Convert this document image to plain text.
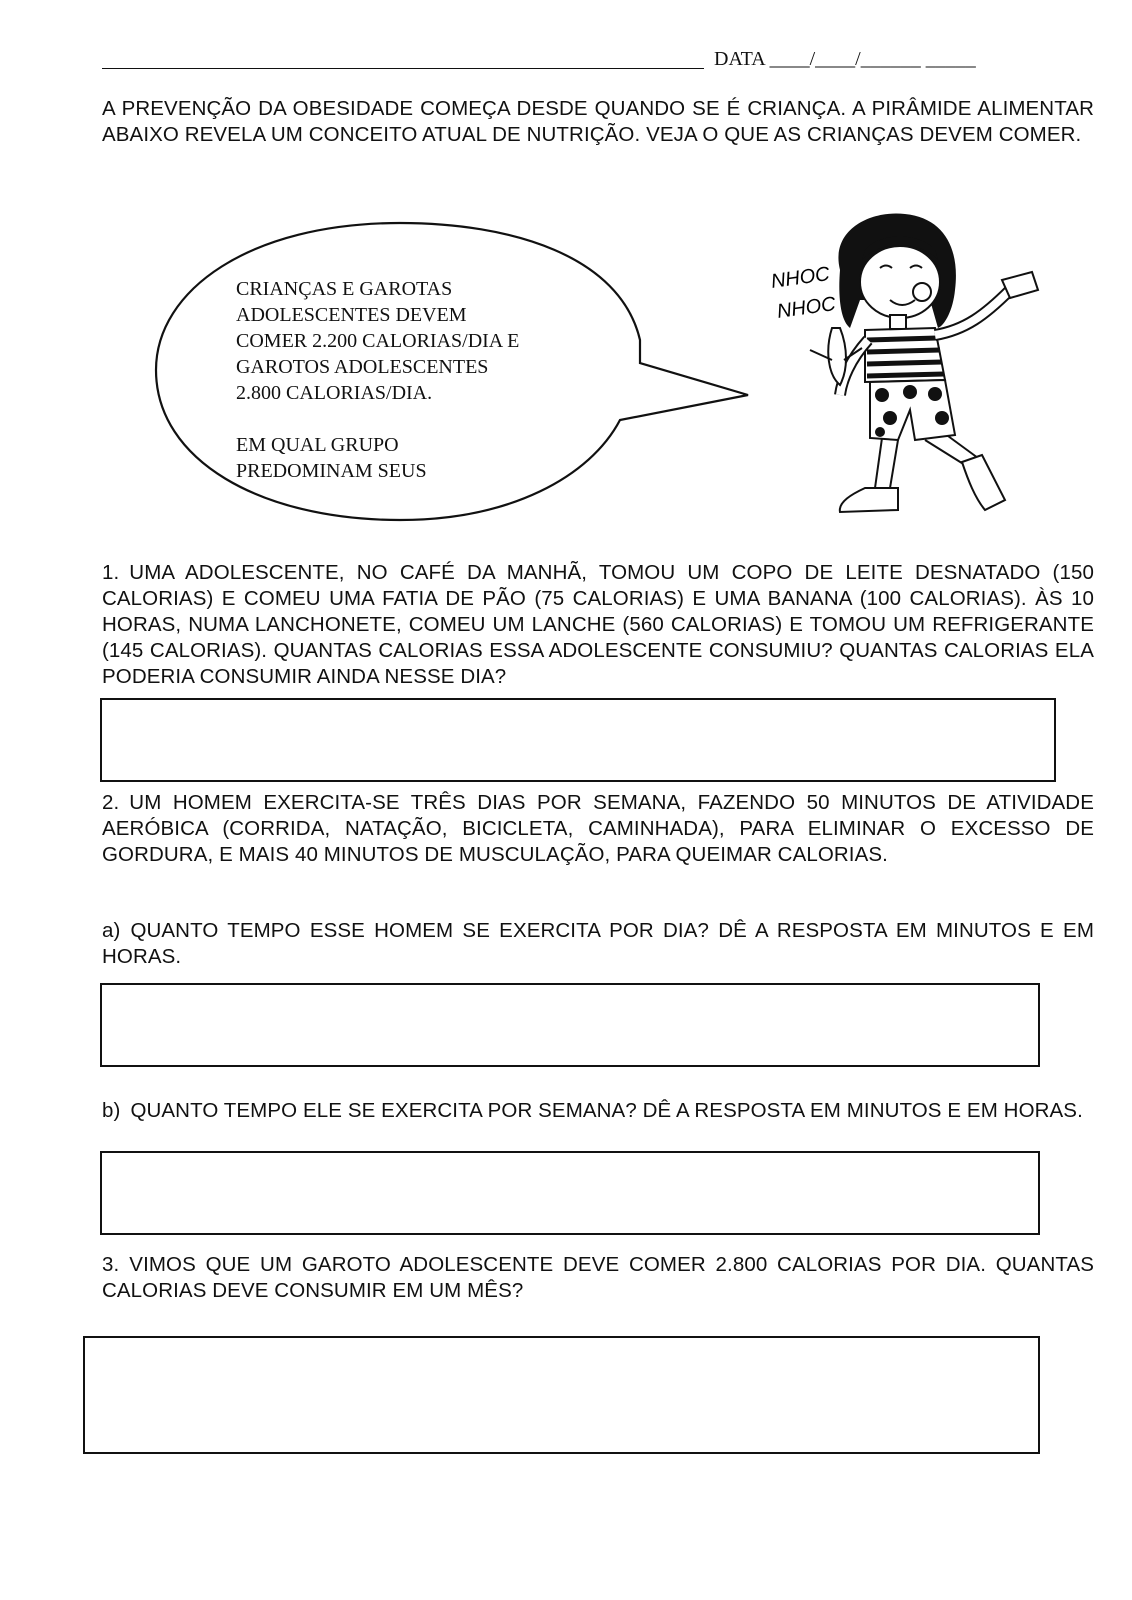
DATA ____/____/______ _____
A PREVENÇÃO DA OBESIDADE COMEÇA DESDE QUANDO SE É CRIANÇA. A PIRÂMIDE ALIMENTAR ABAIXO REVELA UM CONCEITO ATUAL DE NUTRIÇÃO. VEJA O QUE AS CRIANÇAS DEVEM COMER.

CRIANÇAS E GAROTAS

ADOLESCENTES DEVEM

COMER 2.200 CALORIAS/DIA E

GAROTOS ADOLESCENTES

2.800 CALORIAS/DIA.

EM QUAL GRUPO

PREDOMINAM SEUS

NHOC
NHOC
1. UMA ADOLESCENTE, NO CAFÉ DA MANHÃ, TOMOU UM COPO DE LEITE DESNATADO (150 CALORIAS) E COMEU UMA FATIA DE PÃO (75 CALORIAS) E UMA BANANA (100 CALORIAS). ÀS 10 HORAS, NUMA LANCHONETE, COMEU UM LANCHE (560 CALORIAS) E TOMOU UM REFRIGERANTE (145 CALORIAS). QUANTAS CALORIAS ESSA ADOLESCENTE CONSUMIU? QUANTAS CALORIAS ELA PODERIA CONSUMIR AINDA NESSE DIA?
2. UM HOMEM EXERCITA-SE TRÊS DIAS POR SEMANA, FAZENDO 50 MINUTOS DE ATIVIDADE AERÓBICA (CORRIDA, NATAÇÃO, BICICLETA, CAMINHADA), PARA ELIMINAR O EXCESSO DE GORDURA, E MAIS 40 MINUTOS DE MUSCULAÇÃO, PARA QUEIMAR CALORIAS.
a) QUANTO TEMPO ESSE HOMEM SE EXERCITA POR DIA? DÊ A RESPOSTA EM MINUTOS E EM HORAS.
b) QUANTO TEMPO ELE SE EXERCITA POR SEMANA? DÊ A RESPOSTA EM MINUTOS E EM HORAS.
3. VIMOS QUE UM GAROTO ADOLESCENTE DEVE COMER 2.800 CALORIAS POR DIA. QUANTAS CALORIAS DEVE CONSUMIR EM UM MÊS?
